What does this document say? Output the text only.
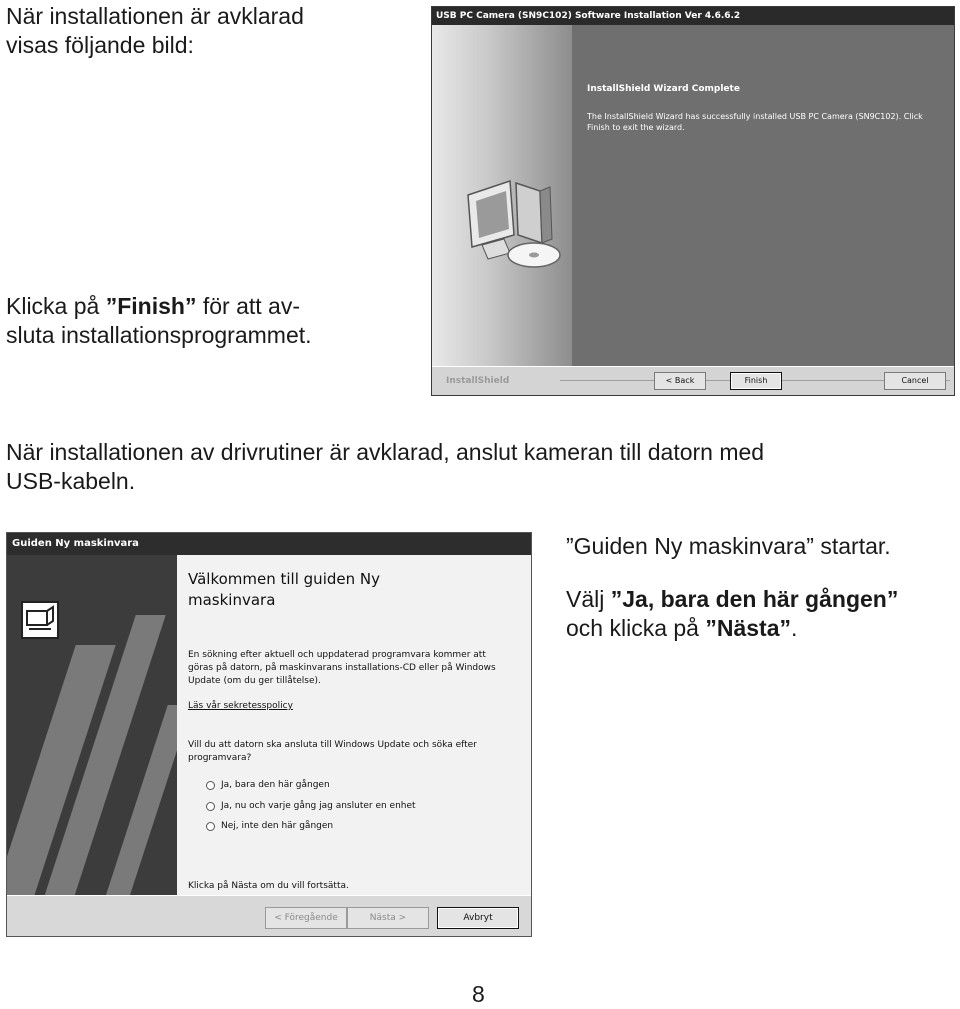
När installationen är avklarad
visas följande bild:
Klicka på ”Finish” för att av-
sluta installationsprogrammet.
USB PC Camera (SN9C102) Software Installation Ver 4.6.6.2
InstallShield Wizard Complete
The InstallShield Wizard has successfully installed USB PC Camera (SN9C102). Click Finish to exit the wizard.
InstallShield	< Back	Finish	Cancel
När installationen av drivrutiner är avklarad, anslut kameran till datorn med
USB-kabeln.
Guiden Ny maskinvara
Välkommen till guiden Ny maskinvara
En sökning efter aktuell och uppdaterad programvara kommer att göras på datorn, på maskinvarans installations-CD eller på Windows Update (om du ger tillåtelse).
Läs vår sekretesspolicy
Vill du att datorn ska ansluta till Windows Update och söka efter programvara?
Ja, bara den här gången
Ja, nu och varje gång jag ansluter en enhet
Nej, inte den här gången
Klicka på Nästa om du vill fortsätta.
< Föregående	Nästa >	Avbryt
”Guiden Ny maskinvara” startar.
Välj ”Ja, bara den här gången”
och klicka på ”Nästa”.
8
